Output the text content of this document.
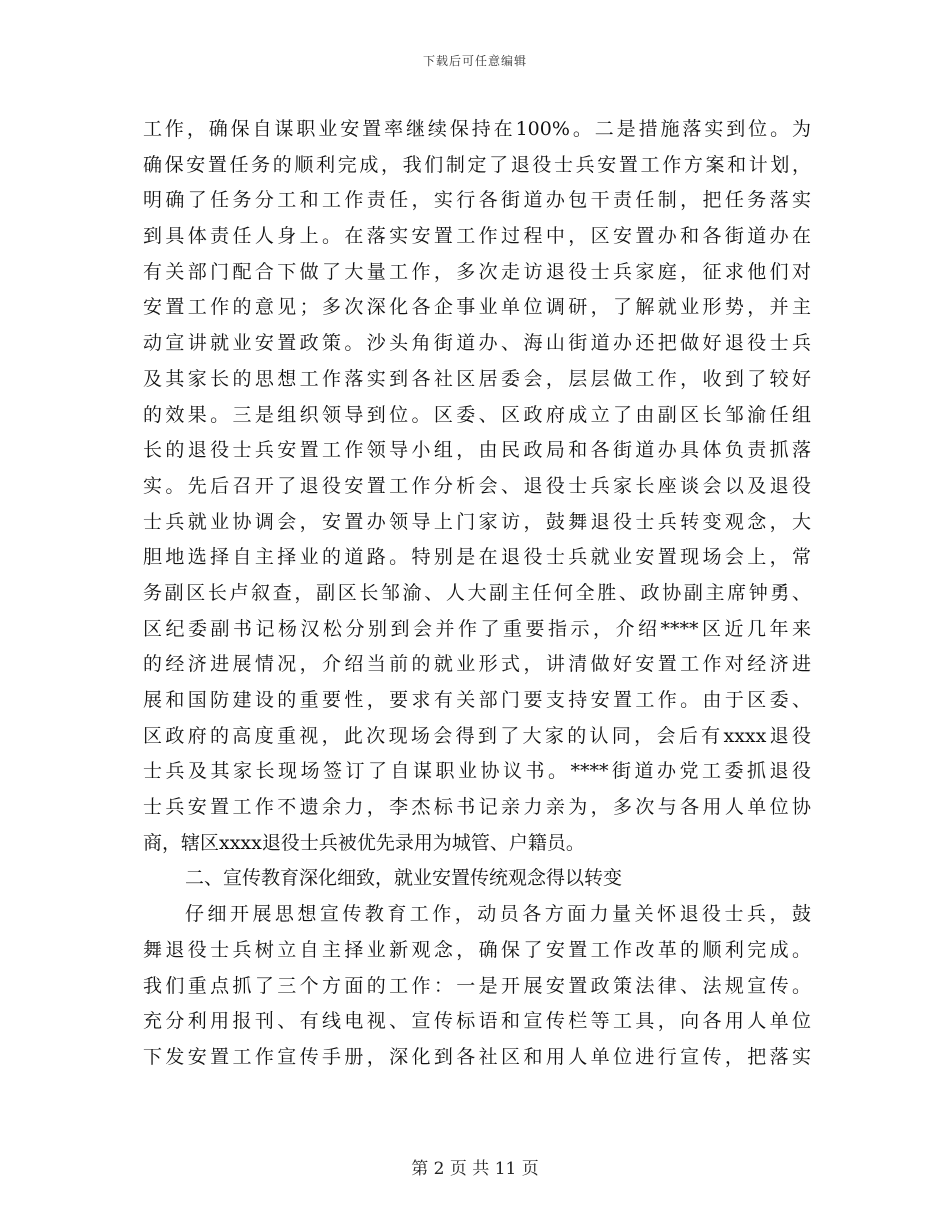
下载后可任意编辑
工作，确保自谋职业安置率继续保持在100%。二是措施落实到位。为
确保安置任务的顺利完成，我们制定了退役士兵安置工作方案和计划，
明确了任务分工和工作责任，实行各街道办包干责任制，把任务落实
到具体责任人身上。在落实安置工作过程中，区安置办和各街道办在
有关部门配合下做了大量工作，多次走访退役士兵家庭，征求他们对
安置工作的意见；多次深化各企事业单位调研，了解就业形势，并主
动宣讲就业安置政策。沙头角街道办、海山街道办还把做好退役士兵
及其家长的思想工作落实到各社区居委会，层层做工作，收到了较好
的效果。三是组织领导到位。区委、区政府成立了由副区长邹渝任组
长的退役士兵安置工作领导小组，由民政局和各街道办具体负责抓落
实。先后召开了退役安置工作分析会、退役士兵家长座谈会以及退役
士兵就业协调会，安置办领导上门家访，鼓舞退役士兵转变观念，大
胆地选择自主择业的道路。特别是在退役士兵就业安置现场会上，常
务副区长卢叙查，副区长邹渝、人大副主任何全胜、政协副主席钟勇、
区纪委副书记杨汉松分别到会并作了重要指示，介绍****区近几年来
的经济进展情况，介绍当前的就业形式，讲清做好安置工作对经济进
展和国防建设的重要性，要求有关部门要支持安置工作。由于区委、
区政府的高度重视，此次现场会得到了大家的认同，会后有xxxx退役
士兵及其家长现场签订了自谋职业协议书。****街道办党工委抓退役
士兵安置工作不遗余力，李杰标书记亲力亲为，多次与各用人单位协
商，辖区xxxx退役士兵被优先录用为城管、户籍员。
二、宣传教育深化细致，就业安置传统观念得以转变
仔细开展思想宣传教育工作，动员各方面力量关怀退役士兵，鼓
舞退役士兵树立自主择业新观念，确保了安置工作改革的顺利完成。
我们重点抓了三个方面的工作：一是开展安置政策法律、法规宣传。
充分利用报刊、有线电视、宣传标语和宣传栏等工具，向各用人单位
下发安置工作宣传手册，深化到各社区和用人单位进行宣传，把落实
第 2 页 共 11 页
